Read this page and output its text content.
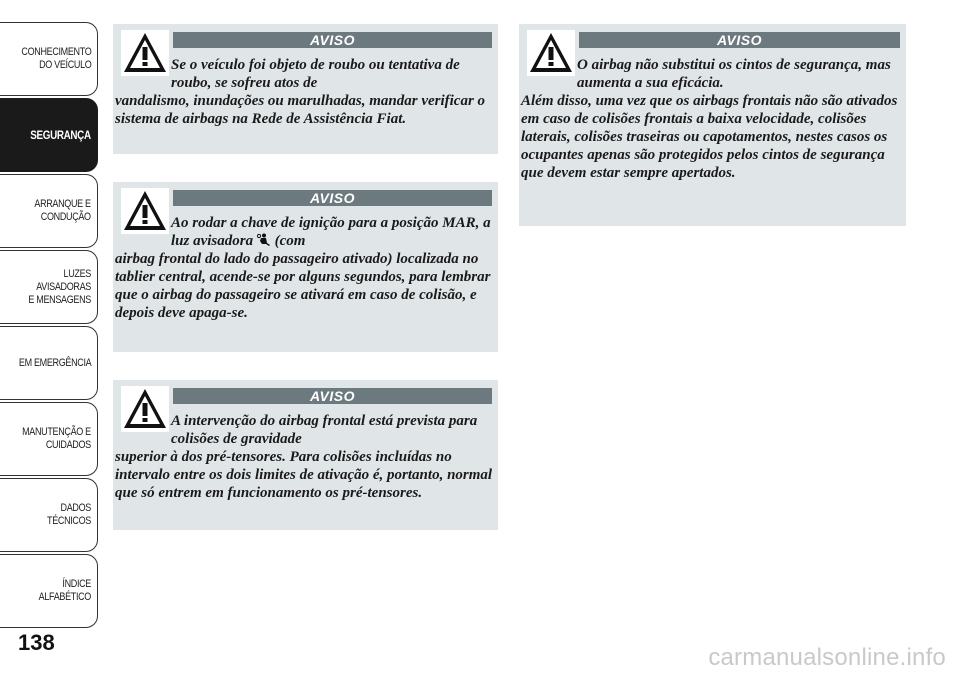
CONHECIMENTO
DO VEÍCULO
SEGURANÇA
ARRANQUE E
CONDUÇÃO
LUZES AVISADORAS
E MENSAGENS
EM EMERGÊNCIA
MANUTENÇÃO E
CUIDADOS
DADOS TÉCNICOS
ÍNDICE ALFABÉTICO
138
AVISO

Se o veículo foi objeto de roubo ou tentativa de roubo, se sofreu atos de
vandalismo, inundações ou marulhadas, mandar verificar o sistema de airbags na Rede de Assistência Fiat.

AVISO

Ao rodar a chave de ignição para a posição MAR, a luz avisadora (com
airbag frontal do lado do passageiro ativado) localizada no tablier central, acende-se por alguns segundos, para lembrar que o airbag do passageiro se ativará em caso de colisão, e depois deve apaga-se.

AVISO

A intervenção do airbag frontal está prevista para colisões de gravidade
superior à dos pré-tensores. Para colisões incluídas no intervalo entre os dois limites de ativação é, portanto, normal que só entrem em funcionamento os pré-tensores.

AVISO

O airbag não substitui os cintos de segurança, mas aumenta a sua eficácia.
Além disso, uma vez que os airbags frontais não são ativados em caso de colisões frontais a baixa velocidade, colisões laterais, colisões traseiras ou capotamentos, nestes casos os ocupantes apenas são protegidos pelos cintos de segurança que devem estar sempre apertados.

carmanualsonline.info
